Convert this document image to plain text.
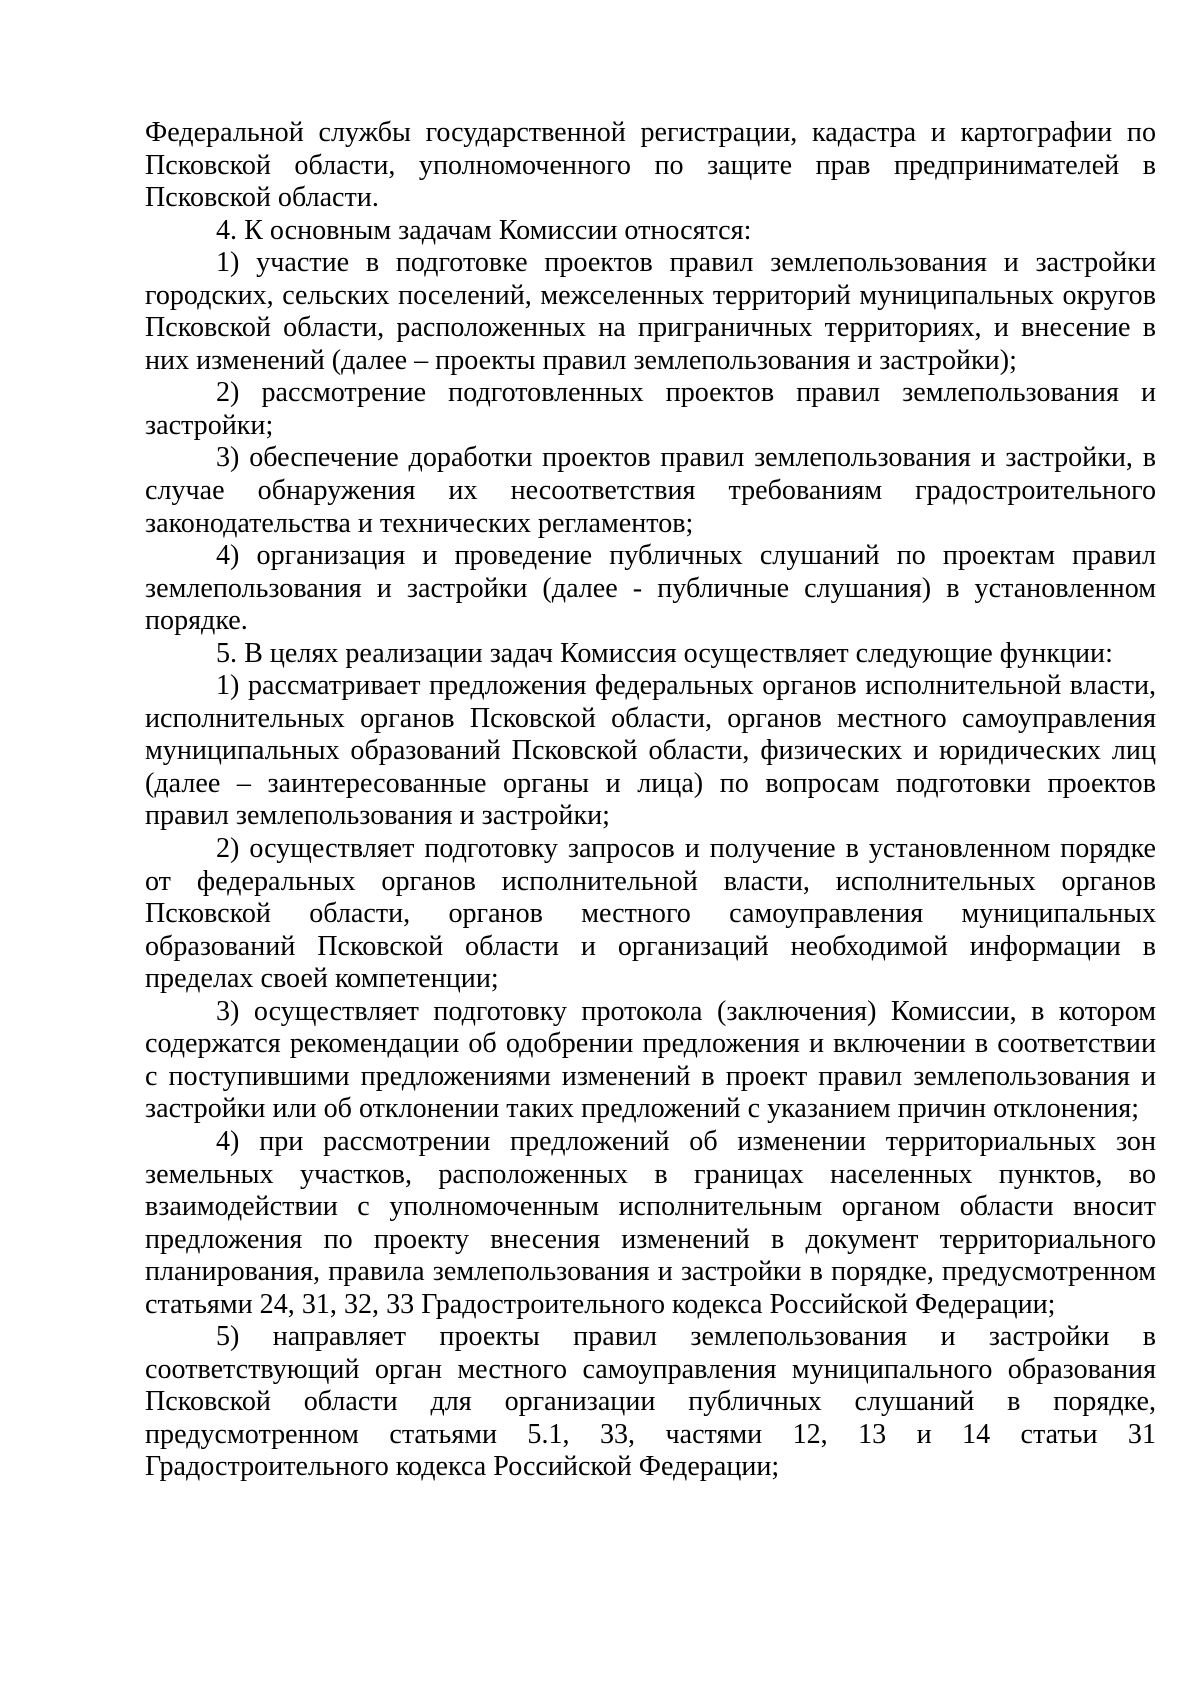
Федеральной службы государственной регистрации, кадастра и картографии по Псковской области, уполномоченного по защите прав предпринимателей в Псковской области.

4. К основным задачам Комиссии относятся:

1) участие в подготовке проектов правил землепользования и застройки городских, сельских поселений, межселенных территорий муниципальных округов Псковской области, расположенных на приграничных территориях, и внесение в них изменений (далее – проекты правил землепользования и застройки);

2) рассмотрение подготовленных проектов правил землепользования и застройки;

3) обеспечение доработки проектов правил землепользования и застройки, в случае обнаружения их несоответствия требованиям градостроительного законодательства и технических регламентов;

4) организация и проведение публичных слушаний по проектам правил землепользования и застройки (далее - публичные слушания) в установленном порядке.

5. В целях реализации задач Комиссия осуществляет следующие функции:

1) рассматривает предложения федеральных органов исполнительной власти, исполнительных органов Псковской области, органов местного самоуправления муниципальных образований Псковской области, физических и юридических лиц (далее – заинтересованные органы и лица) по вопросам подготовки проектов правил землепользования и застройки;

2) осуществляет подготовку запросов и получение в установленном порядке от федеральных органов исполнительной власти, исполнительных органов Псковской области, органов местного самоуправления муниципальных образований Псковской области и организаций необходимой информации в пределах своей компетенции;

3) осуществляет подготовку протокола (заключения) Комиссии, в котором содержатся рекомендации об одобрении предложения и включении в соответствии с поступившими предложениями изменений в проект правил землепользования и застройки или об отклонении таких предложений с указанием причин отклонения;

4) при рассмотрении предложений об изменении территориальных зон земельных участков, расположенных в границах населенных пунктов, во взаимодействии с уполномоченным исполнительным органом области вносит предложения по проекту внесения изменений в документ территориального планирования, правила землепользования и застройки в порядке, предусмотренном статьями 24, 31, 32, 33 Градостроительного кодекса Российской Федерации;

5) направляет проекты правил землепользования и застройки в соответствующий орган местного самоуправления муниципального образования Псковской области для организации публичных слушаний в порядке, предусмотренном статьями 5.1, 33, частями 12, 13 и 14 статьи 31 Градостроительного кодекса Российской Федерации;
